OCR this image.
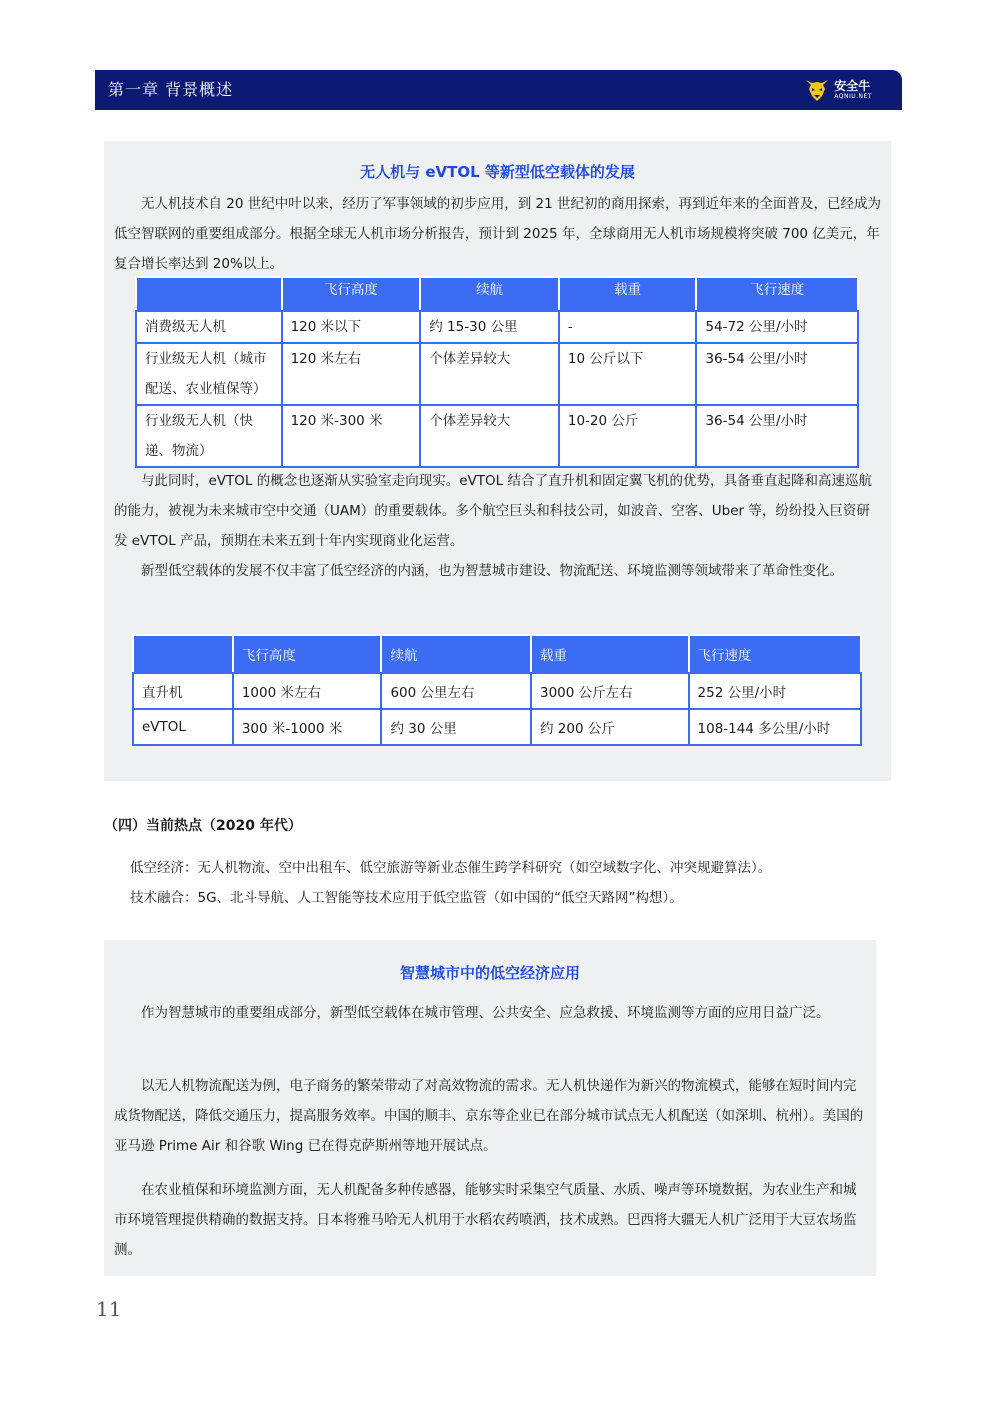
第一章 背景概述	安全牛
AQNIU.NET
无人机与 eVTOL 等新型低空载体的发展

无人机技术自 20 世纪中叶以来，经历了军事领域的初步应用，到 21 世纪初的商用探索，再到近年来的全面普及，已经成为低空智联网的重要组成部分。根据全球无人机市场分析报告，预计到 2025 年，全球商用无人机市场规模将突破 700 亿美元，年复合增长率达到 20%以上。

与此同时，eVTOL 的概念也逐渐从实验室走向现实。eVTOL 结合了直升机和固定翼飞机的优势，具备垂直起降和高速巡航的能力，被视为未来城市空中交通（UAM）的重要载体。多个航空巨头和科技公司，如波音、空客、Uber 等，纷纷投入巨资研发 eVTOL 产品，预期在未来五到十年内实现商业化运营。

新型低空载体的发展不仅丰富了低空经济的内涵，也为智慧城市建设、物流配送、环境监测等领域带来了革命性变化。

	飞行高度	续航	载重	飞行速度
消费级无人机	120 米以下	约 15-30 公里	-	54-72 公里/小时
行业级无人机（城市配送、农业植保等）	120 米左右	个体差异较大	10 公斤以下	36-54 公里/小时
行业级无人机（快递、物流）	120 米-300 米	个体差异较大	10-20 公斤	36-54 公里/小时
	飞行高度	续航	载重	飞行速度
直升机	1000 米左右	600 公里左右	3000 公斤左右	252 公里/小时
eVTOL	300 米-1000 米	约 30 公里	约 200 公斤	108-144 多公里/小时
（四）当前热点（2020 年代）

低空经济：无人机物流、空中出租车、低空旅游等新业态催生跨学科研究（如空域数字化、冲突规避算法）。

技术融合：5G、北斗导航、人工智能等技术应用于低空监管（如中国的“低空天路网”构想）。

智慧城市中的低空经济应用

作为智慧城市的重要组成部分，新型低空载体在城市管理、公共安全、应急救援、环境监测等方面的应用日益广泛。

以无人机物流配送为例，电子商务的繁荣带动了对高效物流的需求。无人机快递作为新兴的物流模式，能够在短时间内完成货物配送，降低交通压力，提高服务效率。中国的顺丰、京东等企业已在部分城市试点无人机配送（如深圳、杭州）。美国的亚马逊 Prime Air 和谷歌 Wing 已在得克萨斯州等地开展试点。

在农业植保和环境监测方面，无人机配备多种传感器，能够实时采集空气质量、水质、噪声等环境数据，为农业生产和城市环境管理提供精确的数据支持。日本将雅马哈无人机用于水稻农药喷洒，技术成熟。巴西将大疆无人机广泛用于大豆农场监测。

11
